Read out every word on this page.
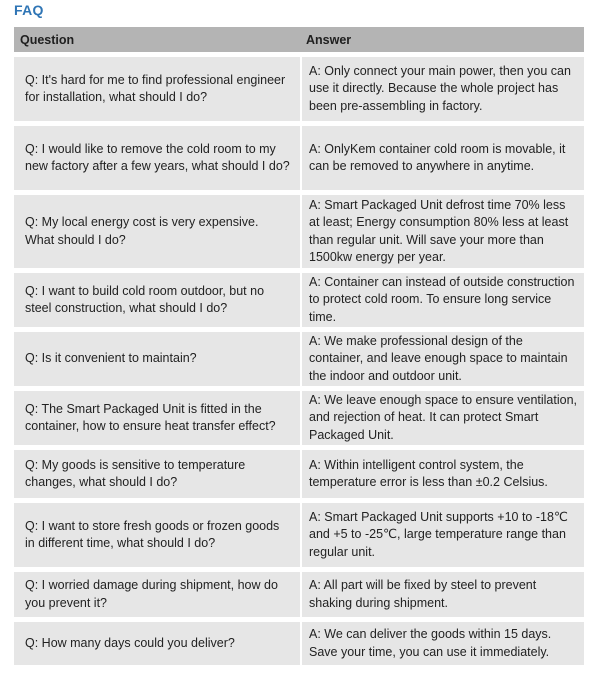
FAQ
Question	Answer
Q: It's hard for me to find professional engineer for installation, what should I do?
A: Only connect your main power, then you can use it directly. Because the whole project has been pre-assembling in factory.
Q: I would like to remove the cold room to my new factory after a few years, what should I do?
A: OnlyKem container cold room is movable, it can be removed to anywhere in anytime.
Q: My local energy cost is very expensive. What should I do?
A: Smart Packaged Unit defrost time 70% less at least; Energy consumption 80% less at least than regular unit. Will save your more than 1500kw energy per year.
Q: I want to build cold room outdoor, but no steel construction, what should I do?
A: Container can instead of outside construction to protect cold room. To ensure long service time.
Q: Is it convenient to maintain?
A: We make professional design of the container, and leave enough space to maintain the indoor and outdoor unit.
Q: The Smart Packaged Unit is fitted in the container, how to ensure heat transfer effect?
A: We leave enough space to ensure ventilation, and rejection of heat. It can protect Smart Packaged Unit.
Q: My goods is sensitive to temperature changes, what should I do?
A: Within intelligent control system, the temperature error is less than ±0.2 Celsius.
Q: I want to store fresh goods or frozen goods in different time, what should I do?
A: Smart Packaged Unit supports +10 to -18℃ and +5 to -25℃, large temperature range than regular unit.
Q: I worried damage during shipment, how do you prevent it?
A: All part will be fixed by steel to prevent shaking during shipment.
Q: How many days could you deliver?
A: We can deliver the goods within 15 days. Save your time, you can use it immediately.
